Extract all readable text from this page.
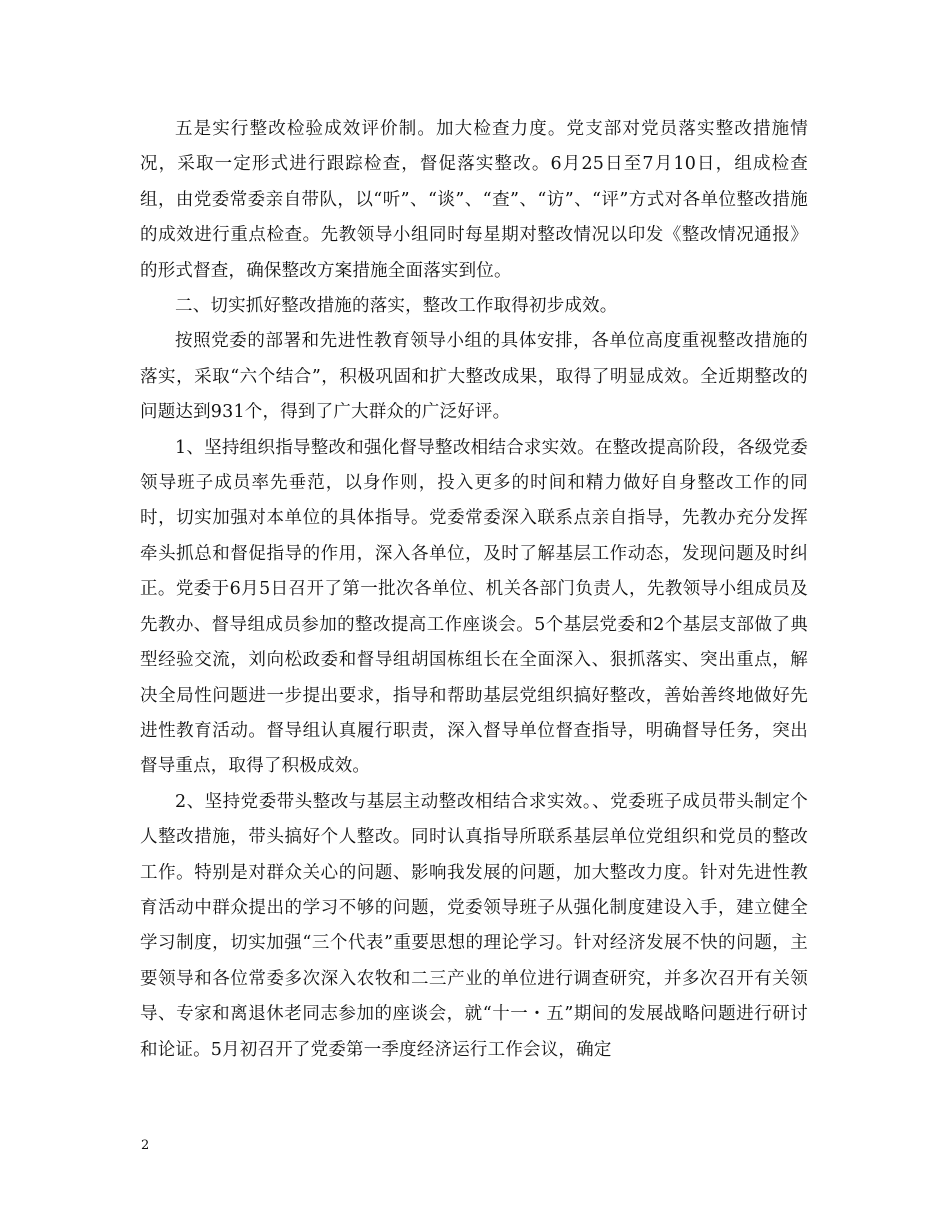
五是实行整改检验成效评价制。加大检查力度。党支部对党员落实整改措施情况，采取一定形式进行跟踪检查，督促落实整改。6月25日至7月10日，组成检查组，由党委常委亲自带队，以“听”、“谈”、“查”、“访”、“评”方式对各单位整改措施的成效进行重点检查。先教领导小组同时每星期对整改情况以印发《整改情况通报》的形式督查，确保整改方案措施全面落实到位。

二、切实抓好整改措施的落实，整改工作取得初步成效。

按照党委的部署和先进性教育领导小组的具体安排，各单位高度重视整改措施的落实，采取“六个结合”，积极巩固和扩大整改成果，取得了明显成效。全近期整改的问题达到931个，得到了广大群众的广泛好评。

1、坚持组织指导整改和强化督导整改相结合求实效。在整改提高阶段，各级党委领导班子成员率先垂范，以身作则，投入更多的时间和精力做好自身整改工作的同时，切实加强对本单位的具体指导。党委常委深入联系点亲自指导，先教办充分发挥牵头抓总和督促指导的作用，深入各单位，及时了解基层工作动态，发现问题及时纠正。党委于6月5日召开了第一批次各单位、机关各部门负责人，先教领导小组成员及先教办、督导组成员参加的整改提高工作座谈会。5个基层党委和2个基层支部做了典型经验交流，刘向松政委和督导组胡国栋组长在全面深入、狠抓落实、突出重点，解决全局性问题进一步提出要求，指导和帮助基层党组织搞好整改，善始善终地做好先进性教育活动。督导组认真履行职责，深入督导单位督查指导，明确督导任务，突出督导重点，取得了积极成效。

2、坚持党委带头整改与基层主动整改相结合求实效。、党委班子成员带头制定个人整改措施，带头搞好个人整改。同时认真指导所联系基层单位党组织和党员的整改工作。特别是对群众关心的问题、影响我发展的问题，加大整改力度。针对先进性教育活动中群众提出的学习不够的问题，党委领导班子从强化制度建设入手，建立健全学习制度，切实加强“三个代表”重要思想的理论学习。针对经济发展不快的问题，主要领导和各位常委多次深入农牧和二三产业的单位进行调查研究，并多次召开有关领导、专家和离退休老同志参加的座谈会，就“十一・五”期间的发展战略问题进行研讨和论证。5月初召开了党委第一季度经济运行工作会议，确定

2
